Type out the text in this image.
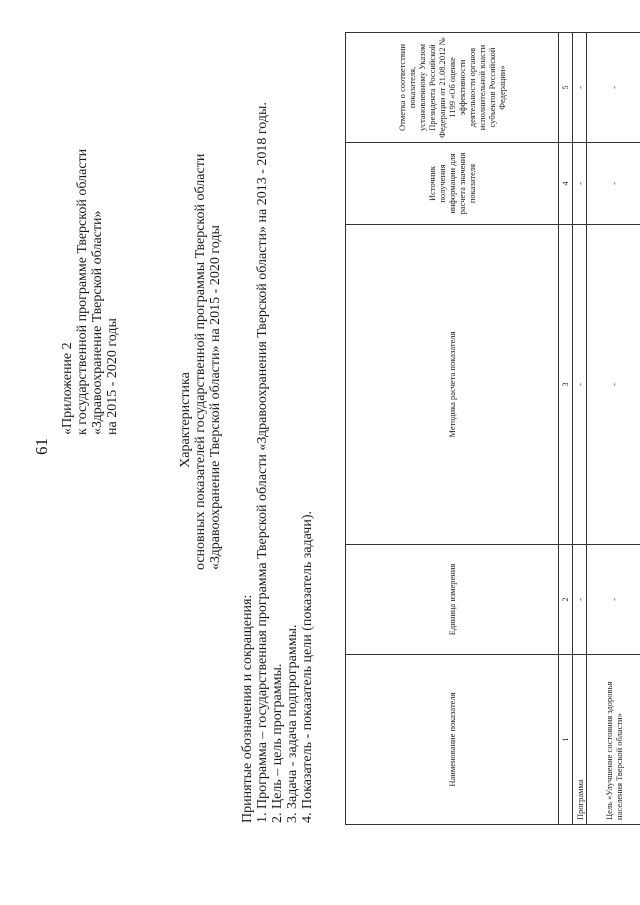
61
«Приложение 2 к государственной программе Тверской области «Здравоохранение Тверской области» на 2015 - 2020 годы	Характеристика основных показателей государственной программы Тверской области «Здравоохранение Тверской области» на 2015 - 2020 годы
Принятые обозначения и сокращения: 1. Программа – государственная программа Тверской области «Здравоохранения Тверской области» на 2013 - 2018 годы. 2. Цель – цель программы. 3. Задача - задача подпрограммы. 4. Показатель - показатель цели (показатель задачи).	Наименование показателя	Единица измерения	Методика расчета показателя	Источник получения информации для расчета значения показателя	Отметка о соответствии показателя, установленному Указом Президента Российской Федерации от 21.08.2012 № 1199 «Об оценке эффективности деятельности органов исполнительной власти субъектов Российской Федерации»
1	2	3	4	5
Программа	-	-	-	-
Цель «Улучшение состояния здоровья населения Тверской области»	-	-	-	-
